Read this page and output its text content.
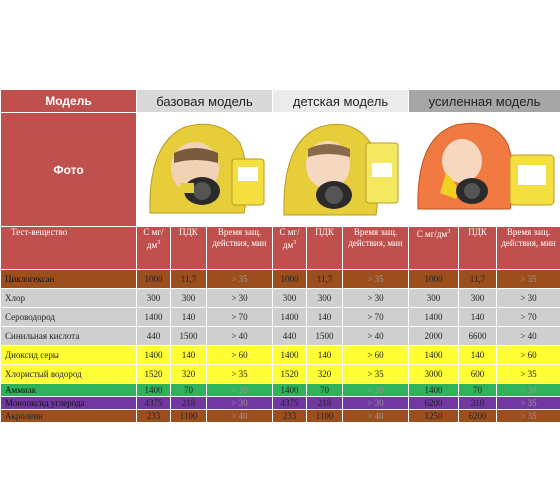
Модель	базовая модель			детская модель			усиленная модель		
Фото			
Тест-вещество	C $мг/дм^3$	ПДК	Время защ. действия, мин	C $мг/дм^3$	ПДК	Время защ. действия, мин	C $мг/дм^3$	ПДК	Время защ. действия, мин
Циклогексан	1000	11,7	> 35	1000	11,7	> 35	1000	11,7	> 35
Хлор	300	300	> 30	300	300	> 30	300	300	> 30
Сероводород	1400	140	> 70	1400	140	> 70	1400	140	> 70
Синильная кислота	440	1500	> 40	440	1500	> 40	2000	6600	> 40
Диоксид серы	1400	140	> 60	1400	140	> 60	1400	140	> 60
Хлористый водород	1520	320	> 35	1520	320	> 35	3000	600	> 35
Аммиак	1400	70	> 30	1400	70	> 30	1400	70	> 30
Монооксид углерода	4375	218	> 30	4375	218	> 30	6200	310	> 35
Акролеин	233	1100	> 40	233	1100	> 40	1250	6200	> 35
